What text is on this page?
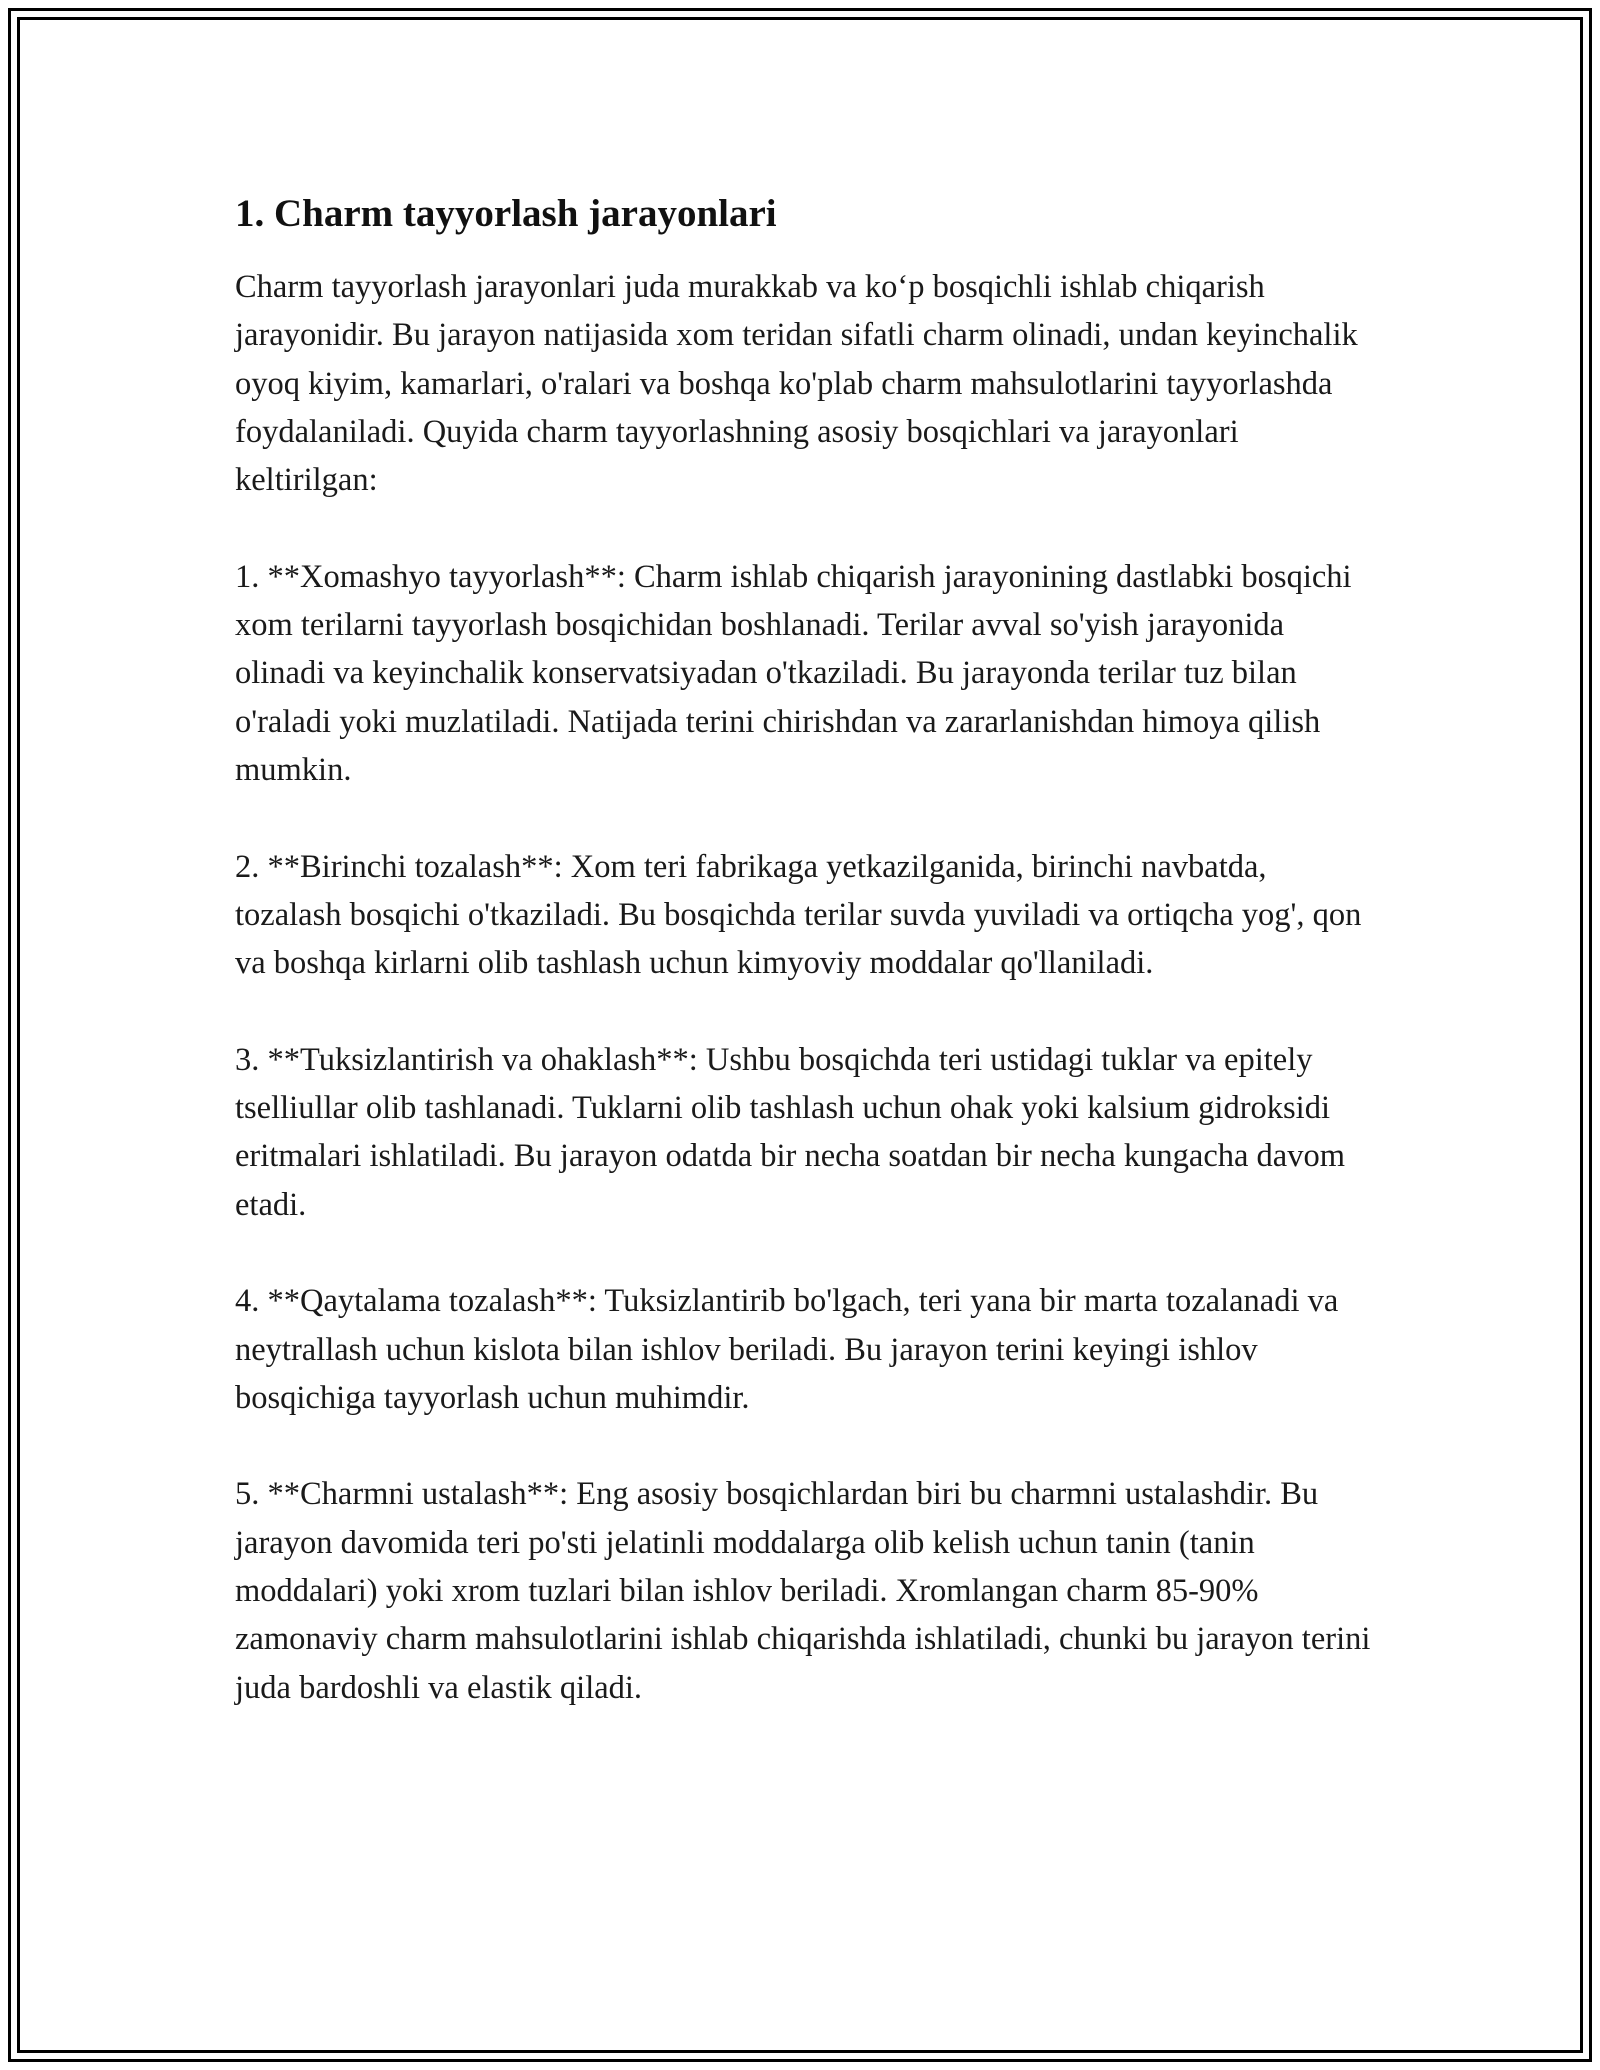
1. Charm tayyorlash jarayonlari

Charm tayyorlash jarayonlari juda murakkab va koʻp bosqichli ishlab chiqarish jarayonidir. Bu jarayon natijasida xom teridan sifatli charm olinadi, undan keyinchalik oyoq kiyim, kamarlari, o'ralari va boshqa ko'plab charm mahsulotlarini tayyorlashda foydalaniladi. Quyida charm tayyorlashning asosiy bosqichlari va jarayonlari keltirilgan:

1. **Xomashyo tayyorlash**: Charm ishlab chiqarish jarayonining dastlabki bosqichi xom terilarni tayyorlash bosqichidan boshlanadi. Terilar avval so'yish jarayonida olinadi va keyinchalik konservatsiyadan o'tkaziladi. Bu jarayonda terilar tuz bilan o'raladi yoki muzlatiladi. Natijada terini chirishdan va zararlanishdan himoya qilish mumkin.

2. **Birinchi tozalash**: Xom teri fabrikaga yetkazilganida, birinchi navbatda, tozalash bosqichi o'tkaziladi. Bu bosqichda terilar suvda yuviladi va ortiqcha yog', qon va boshqa kirlarni olib tashlash uchun kimyoviy moddalar qo'llaniladi.

3. **Tuksizlantirish va ohaklash**: Ushbu bosqichda teri ustidagi tuklar va epitely tselliullar olib tashlanadi. Tuklarni olib tashlash uchun ohak yoki kalsium gidroksidi eritmalari ishlatiladi. Bu jarayon odatda bir necha soatdan bir necha kungacha davom etadi.

4. **Qaytalama tozalash**: Tuksizlantirib bo'lgach, teri yana bir marta tozalanadi va neytrallash uchun kislota bilan ishlov beriladi. Bu jarayon terini keyingi ishlov bosqichiga tayyorlash uchun muhimdir.

5. **Charmni ustalash**: Eng asosiy bosqichlardan biri bu charmni ustalashdir. Bu jarayon davomida teri po'sti jelatinli moddalarga olib kelish uchun tanin (tanin moddalari) yoki xrom tuzlari bilan ishlov beriladi. Xromlangan charm 85-90% zamonaviy charm mahsulotlarini ishlab chiqarishda ishlatiladi, chunki bu jarayon terini juda bardoshli va elastik qiladi.
